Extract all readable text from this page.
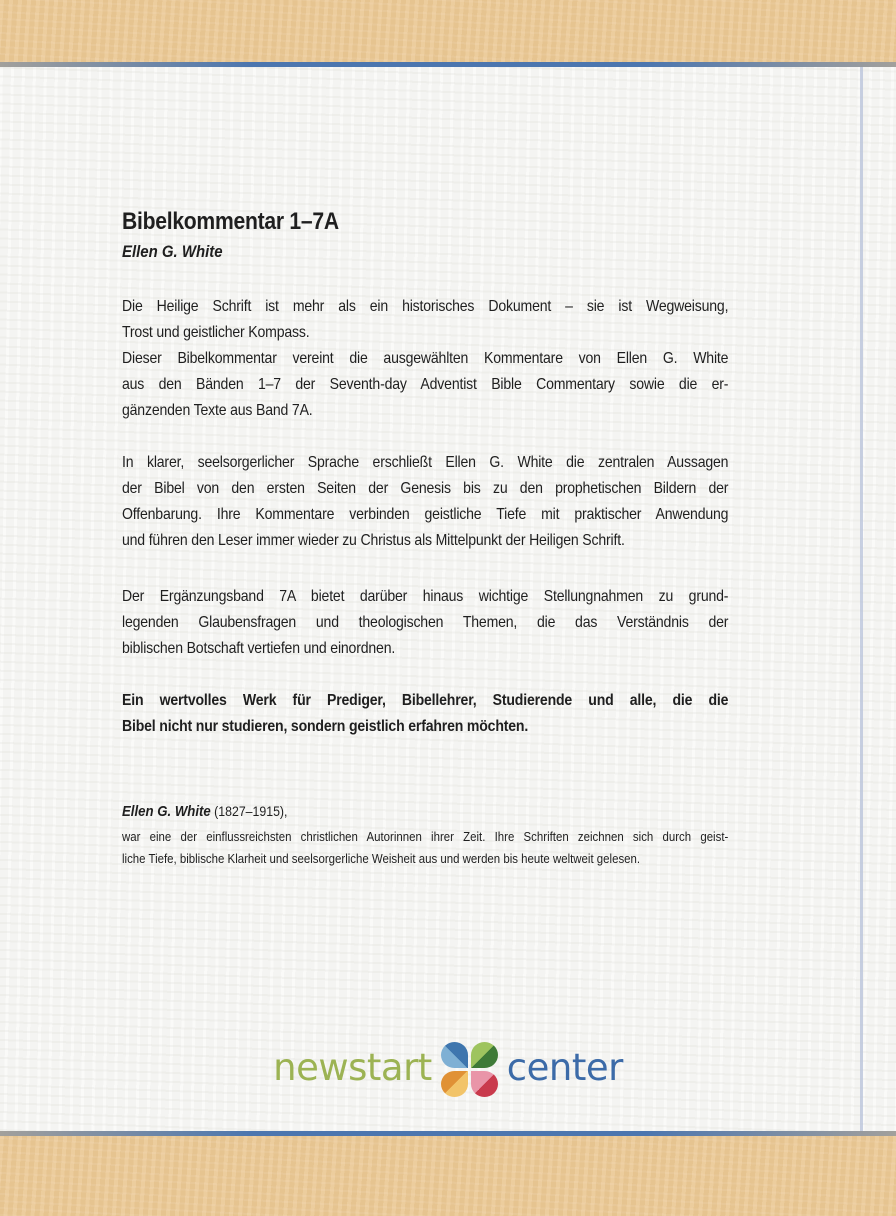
Bibelkommentar 1–7A
Ellen G. White
Die Heilige Schrift ist mehr als ein historisches Dokument – sie ist Wegweisung,
Trost und geistlicher Kompass.
Dieser Bibelkommentar vereint die ausgewählten Kommentare von Ellen G. White
aus den Bänden 1–7 der Seventh-day Adventist Bible Commentary sowie die er-
gänzenden Texte aus Band 7A.
In klarer, seelsorgerlicher Sprache erschließt Ellen G. White die zentralen Aussagen
der Bibel von den ersten Seiten der Genesis bis zu den prophetischen Bildern der
Offenbarung. Ihre Kommentare verbinden geistliche Tiefe mit praktischer Anwendung
und führen den Leser immer wieder zu Christus als Mittelpunkt der Heiligen Schrift.
Der Ergänzungsband 7A bietet darüber hinaus wichtige Stellungnahmen zu grund-
legenden Glaubensfragen und theologischen Themen, die das Verständnis der
biblischen Botschaft vertiefen und einordnen.
Ein wertvolles Werk für Prediger, Bibellehrer, Studierende und alle, die die
Bibel nicht nur studieren, sondern geistlich erfahren möchten.
Ellen G. White (1827–1915),
war eine der einflussreichsten christlichen Autorinnen ihrer Zeit. Ihre Schriften zeichnen sich durch geist-
liche Tiefe, biblische Klarheit und seelsorgerliche Weisheit aus und werden bis heute weltweit gelesen.
newstart center
